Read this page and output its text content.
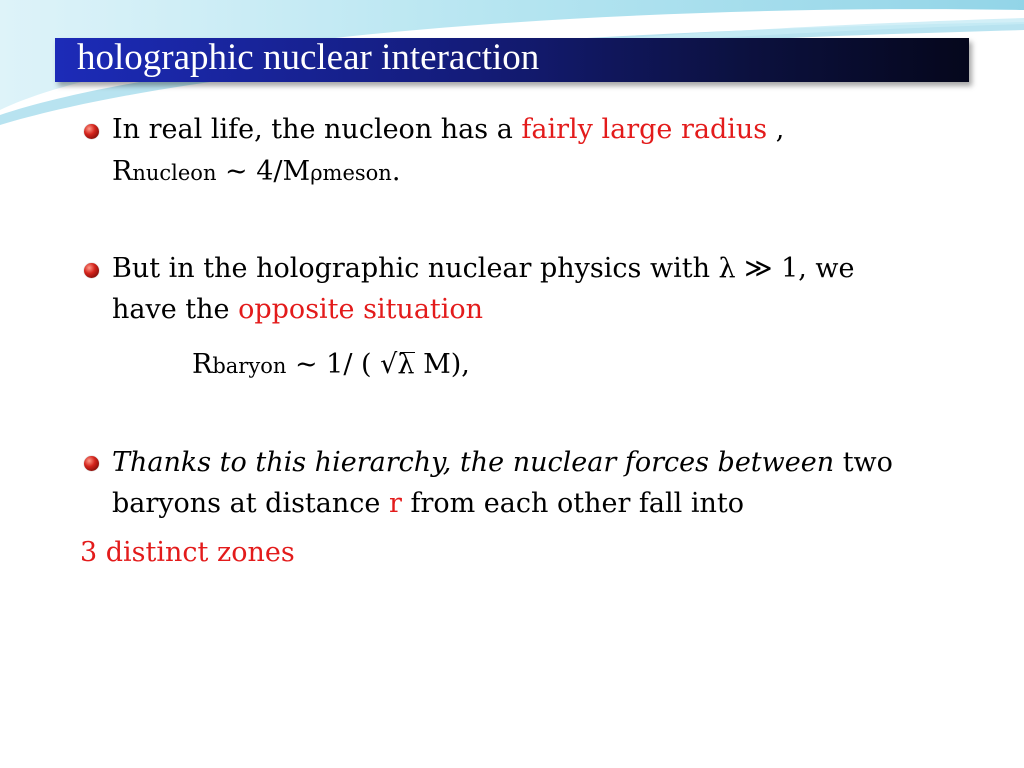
holographic nuclear interaction
In real life, the nucleon has a fairly large radius ,
Rnucleon ~ 4/Mρmeson.
But in the holographic nuclear physics with λ ≫ 1, we
have the opposite situation
Rbaryon ~ 1/ ( √λ
M),
Thanks to this hierarchy, the nuclear forces between two
baryons at distance r from each other fall into
3 distinct zones
